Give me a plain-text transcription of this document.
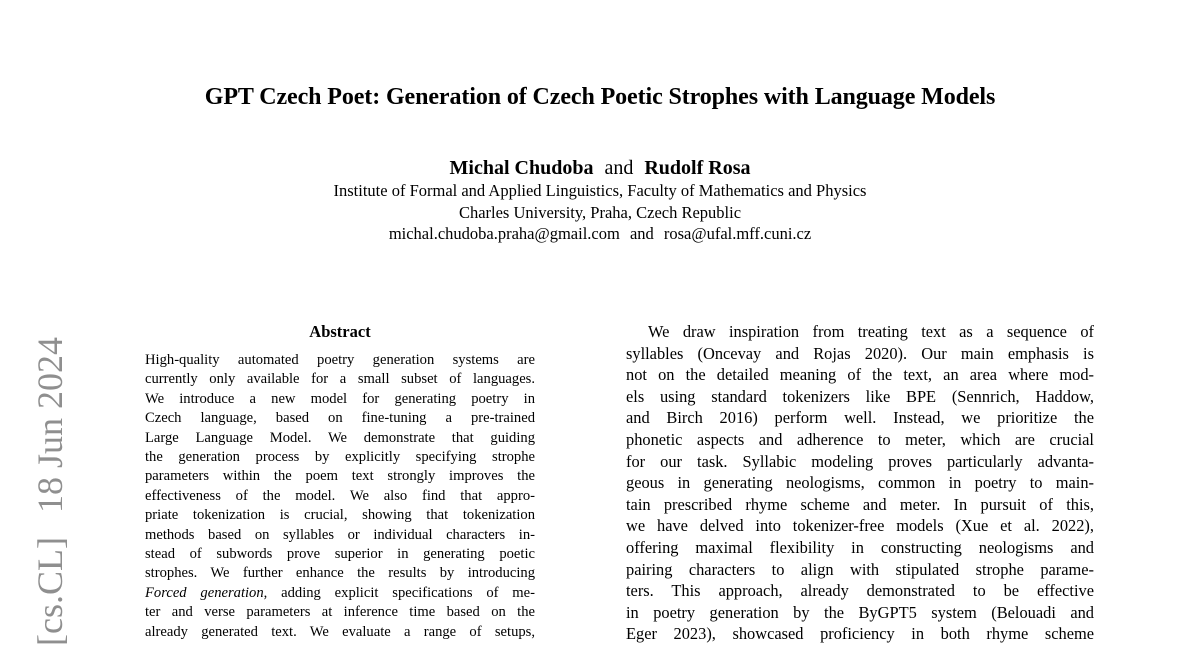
GPT Czech Poet: Generation of Czech Poetic Strophes with Language Models
Michal Chudoba and Rudolf Rosa
Institute of Formal and Applied Linguistics, Faculty of Mathematics and Physics
Charles University, Praha, Czech Republic
michal.chudoba.praha@gmail.com and rosa@ufal.mff.cuni.cz
[cs.CL]18 Jun 2024
Abstract
High-quality automated poetry generation systems are
currently only available for a small subset of languages.
We introduce a new model for generating poetry in
Czech language, based on fine-tuning a pre-trained
Large Language Model. We demonstrate that guiding
the generation process by explicitly specifying strophe
parameters within the poem text strongly improves the
effectiveness of the model. We also find that appro-
priate tokenization is crucial, showing that tokenization
methods based on syllables or individual characters in-
stead of subwords prove superior in generating poetic
strophes. We further enhance the results by introducing
Forced generation, adding explicit specifications of me-
ter and verse parameters at inference time based on the
already generated text. We evaluate a range of setups,
We draw inspiration from treating text as a sequence of
syllables (Oncevay and Rojas 2020). Our main emphasis is
not on the detailed meaning of the text, an area where mod-
els using standard tokenizers like BPE (Sennrich, Haddow,
and Birch 2016) perform well. Instead, we prioritize the
phonetic aspects and adherence to meter, which are crucial
for our task. Syllabic modeling proves particularly advanta-
geous in generating neologisms, common in poetry to main-
tain prescribed rhyme scheme and meter. In pursuit of this,
we have delved into tokenizer-free models (Xue et al. 2022),
offering maximal flexibility in constructing neologisms and
pairing characters to align with stipulated strophe parame-
ters. This approach, already demonstrated to be effective
in poetry generation by the ByGPT5 system (Belouadi and
Eger 2023), showcased proficiency in both rhyme scheme
